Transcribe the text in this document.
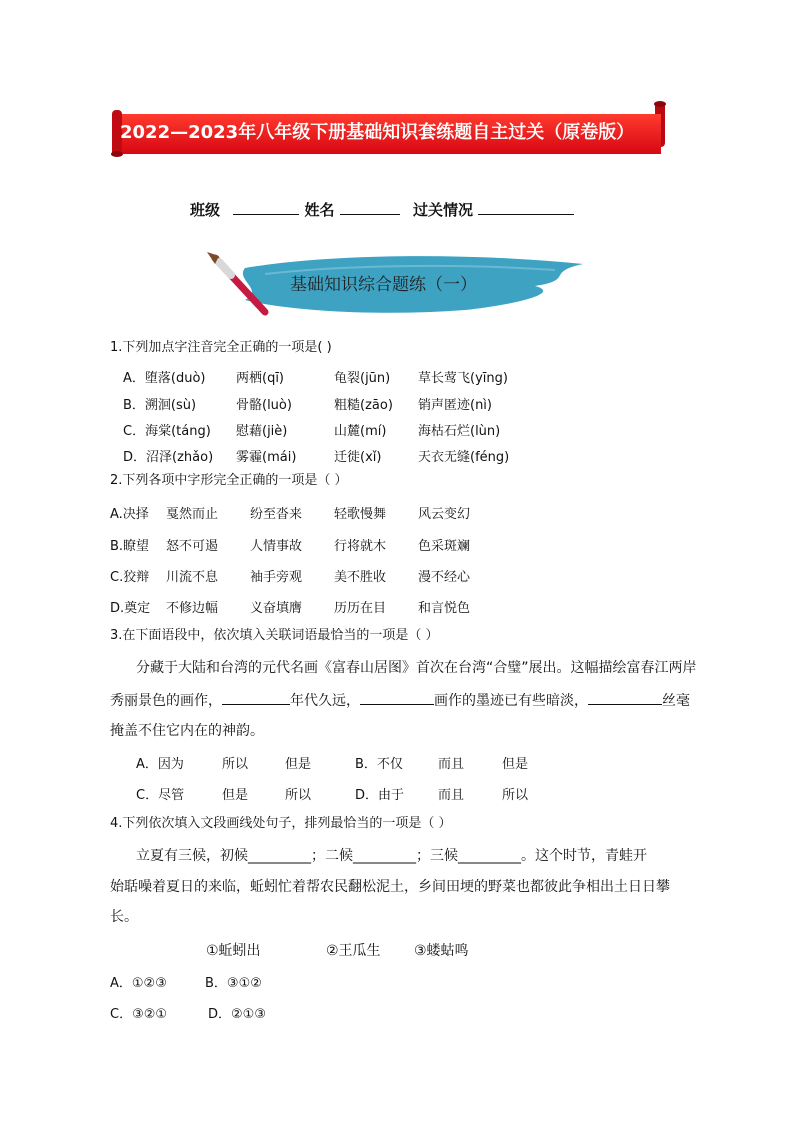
2022—2023年八年级下册基础知识套练题自主过关（原卷版）
班级	姓名	过关情况
基础知识综合题练（一）
1.下列加点字注音完全正确的一项是( )
A．堕落(duò) 两栖(qī)	龟裂(jūn) 草长莺飞(yīng)
B．溯洄(sù)	骨骼(luò)	粗糙(zāo) 销声匿迹(nì)
C．海棠(táng) 慰藉(jiè)	山麓(mí) 海枯石烂(lùn)
D．沼泽(zhǎo) 雾霾(mái)	迁徙(xǐ)	天衣无缝(féng)
2.下列各项中字形完全正确的一项是（ ）
A.决择 戛然而止 纷至沓来 轻歌慢舞 风云变幻
B.瞭望 怒不可遏 人情事故 行将就木 色采斑斓
C.狡辩 川流不息 袖手旁观 美不胜收 漫不经心
D.奠定 不修边幅 义奋填膺 历历在目 和言悦色
3.在下面语段中，依次填入关联词语最恰当的一项是（ ）
分藏于大陆和台湾的元代名画《富春山居图》首次在台湾“合璧”展出。这幅描绘富春江两岸
秀丽景色的画作，	年代久远，	画作的墨迹已有些暗淡，	丝毫
掩盖不住它内在的神韵。
A．因为	所以	但是	B．不仅	而且	但是
C．尽管	但是	所以	D．由于	而且	所以
4.下列依次填入文段画线处句子，排列最恰当的一项是（ ）
立夏有三候，初候_________；二候_________；三候_________。这个时节，青蛙开
始聒噪着夏日的来临，蚯蚓忙着帮农民翻松泥土，乡间田埂的野菜也都彼此争相出土日日攀
长。
①蚯蚓出	②王瓜生 ③蝼蛄鸣
A．①②③	B．③①②
C．③②①	D．②①③
